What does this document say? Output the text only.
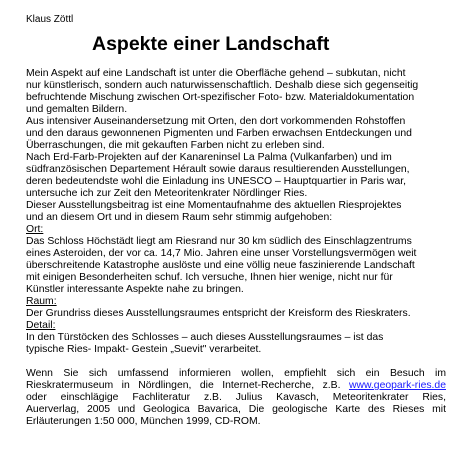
Klaus Zöttl
Aspekte einer Landschaft
Mein Aspekt auf eine Landschaft ist unter die Oberfläche gehend – subkutan, nicht
nur künstlerisch, sondern auch naturwissenschaftlich. Deshalb diese sich gegenseitig
befruchtende Mischung zwischen Ort-spezifischer Foto- bzw. Materialdokumentation
und gemalten Bildern.
Aus intensiver Auseinandersetzung mit Orten, den dort vorkommenden Rohstoffen
und den daraus gewonnenen Pigmenten und Farben erwachsen Entdeckungen und
Überraschungen, die mit gekauften Farben nicht zu erleben sind.
Nach Erd-Farb-Projekten auf der Kanareninsel La Palma (Vulkanfarben) und im
südfranzösischen Departement Hérault sowie daraus resultierenden Ausstellungen,
deren bedeutendste wohl die Einladung ins UNESCO – Hauptquartier in Paris war,
untersuche ich zur Zeit den Meteoritenkrater Nördlinger Ries.
Dieser Ausstellungsbeitrag ist eine Momentaufnahme des aktuellen Riesprojektes
und an diesem Ort und in diesem Raum sehr stimmig aufgehoben:
Ort:
Das Schloss Höchstädt liegt am Riesrand nur 30 km südlich des Einschlagzentrums
eines Asteroiden, der vor ca. 14,7 Mio. Jahren eine unser Vorstellungsvermögen weit
überschreitende Katastrophe auslöste und eine völlig neue faszinierende Landschaft
mit einigen Besonderheiten schuf. Ich versuche, Ihnen hier wenige, nicht nur für
Künstler interessante Aspekte nahe zu bringen.
Raum:
Der Grundriss dieses Ausstellungsraumes entspricht der Kreisform des Rieskraters.
Detail:
In den Türstöcken des Schlosses – auch dieses Ausstellungsraumes – ist das
typische Ries- Impakt- Gestein „Suevit" verarbeitet.
Wenn Sie sich umfassend informieren wollen, empfiehlt sich ein Besuch im
Rieskratermuseum in Nördlingen, die Internet-Recherche, z.B. www.geopark-ries.de
oder einschlägige Fachliteratur z.B. Julius Kavasch, Meteoritenkrater Ries,
Auerverlag, 2005 und Geologica Bavarica, Die geologische Karte des Rieses mit
Erläuterungen 1:50 000, München 1999, CD-ROM.
